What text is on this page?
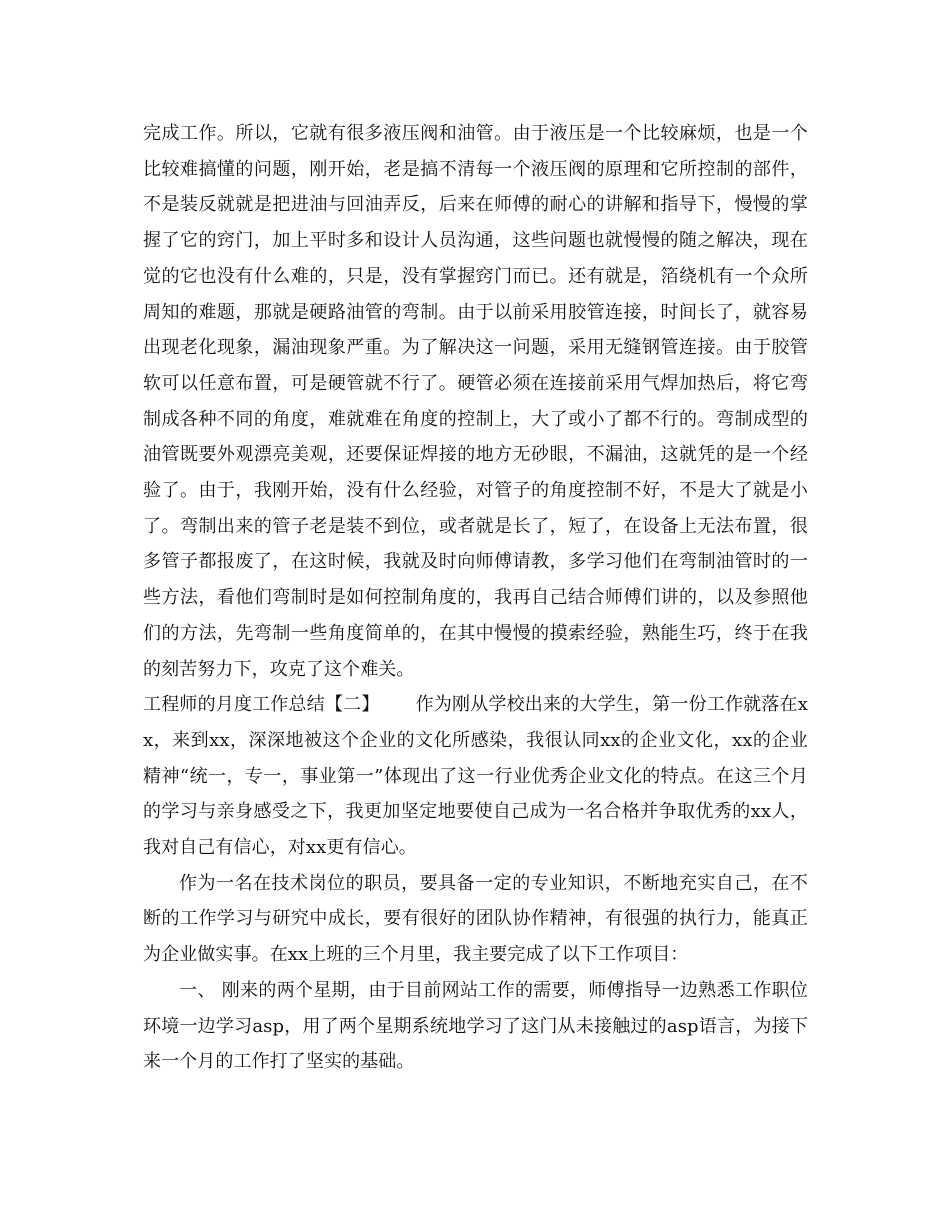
完成工作。所以，它就有很多液压阀和油管。由于液压是一个比较麻烦，也是一个比较难搞懂的问题，刚开始，老是搞不清每一个液压阀的原理和它所控制的部件，不是装反就就是把进油与回油弄反，后来在师傅的耐心的讲解和指导下，慢慢的掌握了它的窍门，加上平时多和设计人员沟通，这些问题也就慢慢的随之解决，现在觉的它也没有什么难的，只是，没有掌握窍门而已。还有就是，箔绕机有一个众所周知的难题，那就是硬路油管的弯制。由于以前采用胶管连接，时间长了，就容易出现老化现象，漏油现象严重。为了解决这一问题，采用无缝钢管连接。由于胶管软可以任意布置，可是硬管就不行了。硬管必须在连接前采用气焊加热后，将它弯制成各种不同的角度，难就难在角度的控制上，大了或小了都不行的。弯制成型的油管既要外观漂亮美观，还要保证焊接的地方无砂眼，不漏油，这就凭的是一个经验了。由于，我刚开始，没有什么经验，对管子的角度控制不好，不是大了就是小了。弯制出来的管子老是装不到位，或者就是长了，短了，在设备上无法布置，很多管子都报废了，在这时候，我就及时向师傅请教，多学习他们在弯制油管时的一些方法，看他们弯制时是如何控制角度的，我再自己结合师傅们讲的，以及参照他们的方法，先弯制一些角度简单的，在其中慢慢的摸索经验，熟能生巧，终于在我的刻苦努力下，攻克了这个难关。

工程师的月度工作总结【二】 作为刚从学校出来的大学生，第一份工作就落在xx，来到xx，深深地被这个企业的文化所感染，我很认同xx的企业文化，xx的企业精神“统一，专一，事业第一”体现出了这一行业优秀企业文化的特点。在这三个月的学习与亲身感受之下，我更加坚定地要使自己成为一名合格并争取优秀的xx人，我对自己有信心，对xx更有信心。

作为一名在技术岗位的职员，要具备一定的专业知识，不断地充实自己，在不断的工作学习与研究中成长，要有很好的团队协作精神，有很强的执行力，能真正为企业做实事。在xx上班的三个月里，我主要完成了以下工作项目：

一、 刚来的两个星期，由于目前网站工作的需要，师傅指导一边熟悉工作职位环境一边学习asp，用了两个星期系统地学习了这门从未接触过的asp语言，为接下来一个月的工作打了坚实的基础。
